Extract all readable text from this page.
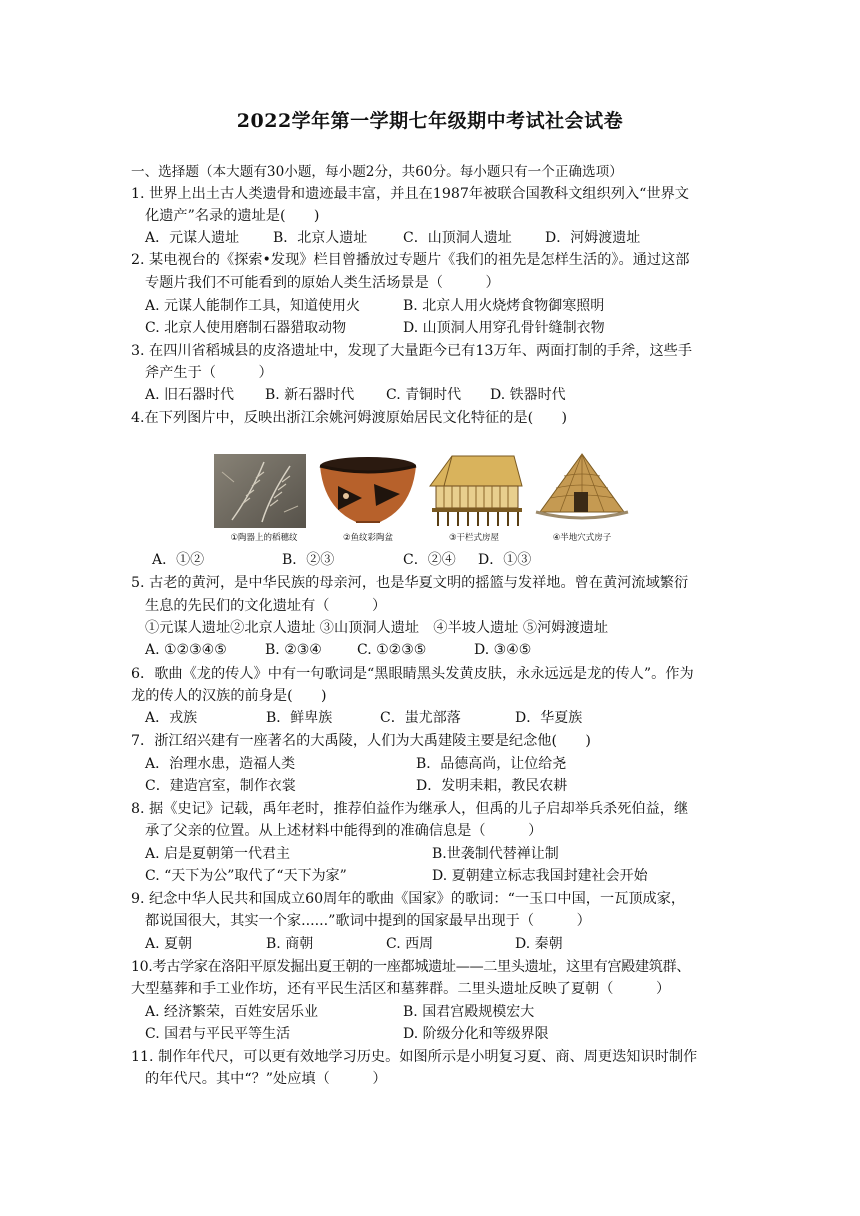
2022学年第一学期七年级期中考试社会试卷
一、选择题（本大题有30小题，每小题2分，共60分。每小题只有一个正确选项）
1. 世界上出土古人类遗骨和遗迹最丰富，并且在1987年被联合国教科文组织列入“世界文
化遗产”名录的遗址是(　　)
A．元谋人遗址 B．北京人遗址	C．山顶洞人遗址 D．河姆渡遗址
2. 某电视台的《探索•发现》栏目曾播放过专题片《我们的祖先是怎样生活的》。通过这部
专题片我们不可能看到的原始人类生活场景是（　　　）
A. 元谋人能制作工具，知道使用火	B. 北京人用火烧烤食物御寒照明
C. 北京人使用磨制石器猎取动物	D. 山顶洞人用穿孔骨针缝制衣物
3. 在四川省稻城县的皮洛遗址中，发现了大量距今已有13万年、两面打制的手斧，这些手
斧产生于（　　　）
A. 旧石器时代 B. 新石器时代 C. 青铜时代 D. 铁器时代
4.在下列图片中，反映出浙江余姚河姆渡原始居民文化特征的是(　　)
①陶器上的稻穗纹	②鱼纹彩陶盆	③干栏式房屋	④半地穴式房子
A．①②	B．②③	C．②④ D．①③
5. 古老的黄河，是中华民族的母亲河，也是华夏文明的摇篮与发祥地。曾在黄河流域繁衍
生息的先民们的文化遗址有（　　　）
①元谋人遗址②北京人遗址 ③山顶洞人遗址　④半坡人遗址 ⑤河姆渡遗址
A. ①②③④⑤	B. ②③④	C. ①②③⑤	D. ③④⑤
6．歌曲《龙的传人》中有一句歌词是“黑眼睛黑头发黄皮肤，永永远远是龙的传人”。作为
龙的传人的汉族的前身是(　　)
A．戎族	B．鲜卑族	C．蚩尤部落	D．华夏族
7．浙江绍兴建有一座著名的大禹陵，人们为大禹建陵主要是纪念他(　　)
A．治理水患，造福人类	B．品德高尚，让位给尧
C．建造宫室，制作衣裳	D．发明耒耜，教民农耕
8. 据《史记》记载，禹年老时，推荐伯益作为继承人，但禹的儿子启却举兵杀死伯益，继
承了父亲的位置。从上述材料中能得到的准确信息是（　　　）
A. 启是夏朝第一代君主	B.世袭制代替禅让制
C. “天下为公”取代了“天下为家”	D. 夏朝建立标志我国封建社会开始
9. 纪念中华人民共和国成立60周年的歌曲《国家》的歌词：“一玉口中国，一瓦顶成家，
都说国很大，其实一个家......”歌词中提到的国家最早出现于（　　　）
A. 夏朝	B. 商朝	C. 西周	D. 秦朝
10.考古学家在洛阳平原发掘出夏王朝的一座都城遗址——二里头遗址，这里有宫殿建筑群、
大型墓葬和手工业作坊，还有平民生活区和墓葬群。二里头遗址反映了夏朝（　　　）
A. 经济繁荣，百姓安居乐业	B. 国君宫殿规模宏大
C. 国君与平民平等生活	D. 阶级分化和等级界限
11. 制作年代尺，可以更有效地学习历史。如图所示是小明复习夏、商、周更迭知识时制作
的年代尺。其中“？”处应填（　　　）
